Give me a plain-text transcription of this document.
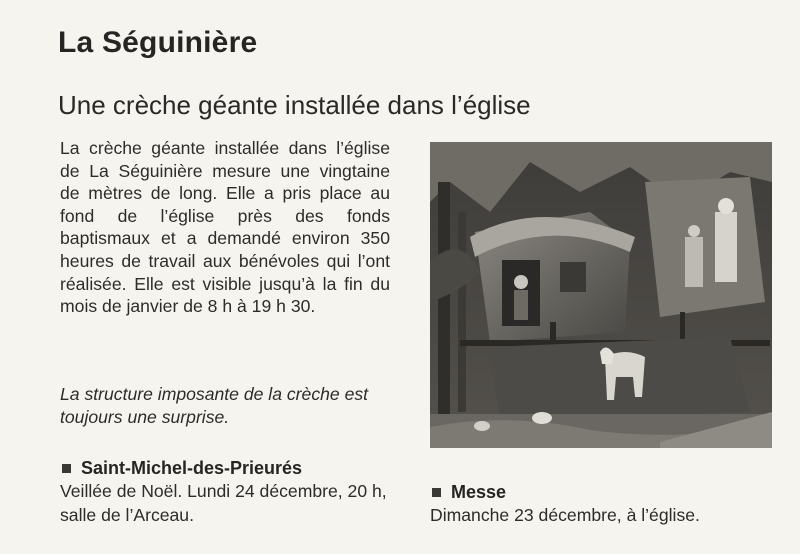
La Séguinière
Une crèche géante installée dans l’église
La crèche géante installée dans l’église de La Séguinière mesure une vingtaine de mètres de long. Elle a pris place au fond de l’église près des fonds baptismaux et a demandé environ 350 heures de travail aux bénévoles qui l’ont réalisée. Elle est visible jusqu’à la fin du mois de janvier de 8 h à 19 h 30.
La structure imposante de la crèche est toujours une surprise.
Saint-Michel-des-Prieurés
Veillée de Noël. Lundi 24 décembre, 20 h, salle de l’Arceau.
Messe
Dimanche 23 décembre, à l’église.
